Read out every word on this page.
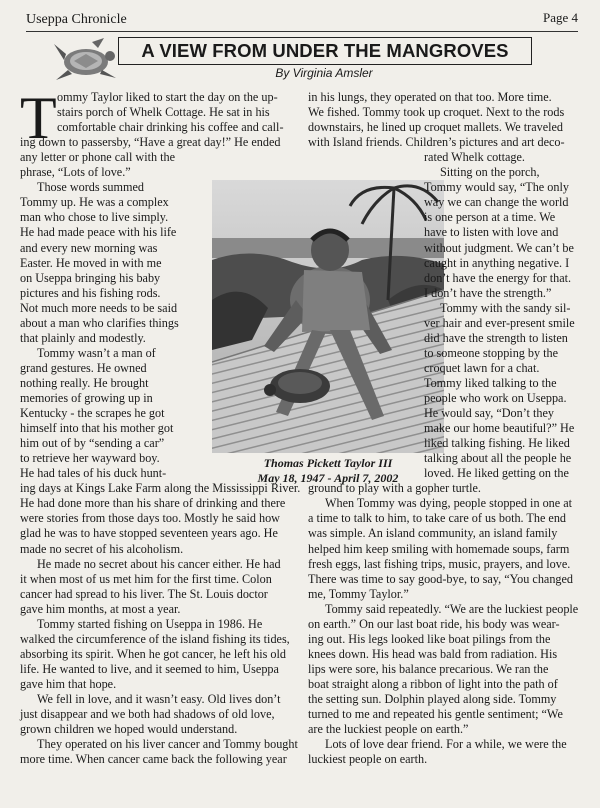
Useppa Chronicle	Page 4
A VIEW FROM UNDER THE MANGROVES
By Virginia Amsler
T ommy Taylor liked to start the day on the up-
stairs porch of Whelk Cottage. He sat in his
comfortable chair drinking his coffee and call-
ing down to passersby, “Have a great day!” He ended
any letter or phone call with the
phrase, “Lots of love.”
Those words summed
Tommy up. He was a complex
man who chose to live simply.
He had made peace with his life
and every new morning was
Easter. He moved in with me
on Useppa bringing his baby
pictures and his fishing rods.
Not much more needs to be said
about a man who clarifies things
that plainly and modestly.
Tommy wasn’t a man of
grand gestures. He owned
nothing really. He brought
memories of growing up in
Kentucky - the scrapes he got
himself into that his mother got
him out of by “sending a car”
to retrieve her wayward boy.
He had tales of his duck hunt-
ing days at Kings Lake Farm along the Mississippi River.
He had done more than his share of drinking and there
were stories from those days too. Mostly he said how
glad he was to have stopped seventeen years ago. He
made no secret of his alcoholism.
He made no secret about his cancer either. He had
it when most of us met him for the first time. Colon
cancer had spread to his liver. The St. Louis doctor
gave him months, at most a year.
Tommy started fishing on Useppa in 1986. He
walked the circumference of the island fishing its tides,
absorbing its spirit. When he got cancer, he left his old
life. He wanted to live, and it seemed to him, Useppa
gave him that hope.
We fell in love, and it wasn’t easy. Old lives don’t
just disappear and we both had shadows of old love,
grown children we hoped would understand.
They operated on his liver cancer and Tommy bought
more time. When cancer came back the following year
in his lungs, they operated on that too. More time.
We fished. Tommy took up croquet. Next to the rods
downstairs, he lined up croquet mallets. We traveled
with Island friends. Children’s pictures and art deco-
rated Whelk cottage.
Sitting on the porch,
Tommy would say, “The only
way we can change the world
is one person at a time. We
have to listen with love and
without judgment. We can’t be
caught in anything negative. I
don’t have the energy for that.
I don’t have the strength.”
Tommy with the sandy sil-
ver hair and ever-present smile
did have the strength to listen
to someone stopping by the
croquet lawn for a chat.
Tommy liked talking to the
people who work on Useppa.
He would say, “Don’t they
make our home beautiful?” He
liked talking fishing. He liked
talking about all the people he
loved. He liked getting on the
ground to play with a gopher turtle.
When Tommy was dying, people stopped in one at
a time to talk to him, to take care of us both. The end
was simple. An island community, an island family
helped him keep smiling with homemade soups, farm
fresh eggs, last fishing trips, music, prayers, and love.
There was time to say good-bye, to say, “You changed
me, Tommy Taylor.”
Tommy said repeatedly. “We are the luckiest people
on earth.” On our last boat ride, his body was wear-
ing out. His legs looked like boat pilings from the
knees down. His head was bald from radiation. His
lips were sore, his balance precarious. We ran the
boat straight along a ribbon of light into the path of
the setting sun. Dolphin played along side. Tommy
turned to me and repeated his gentle sentiment; “We
are the luckiest people on earth.”
Lots of love dear friend. For a while, we were the
luckiest people on earth.
Thomas Pickett Taylor III
May 18, 1947 - April 7, 2002
